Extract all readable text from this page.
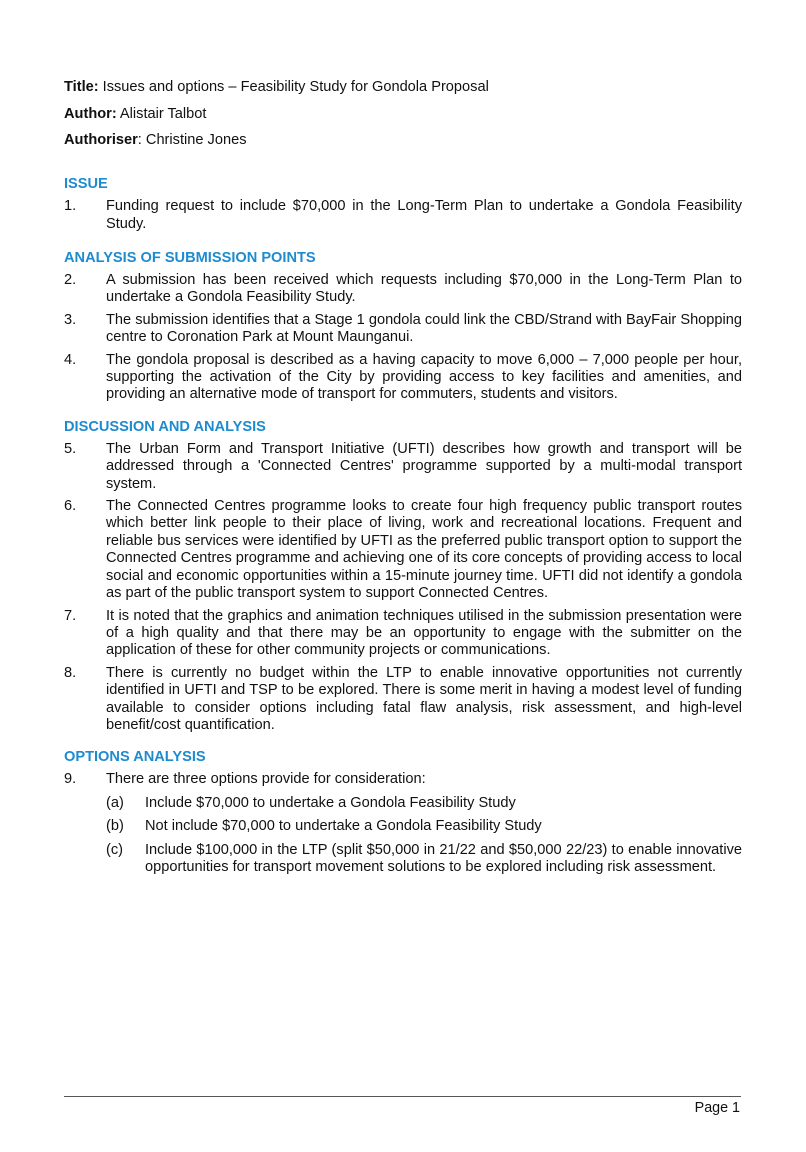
Title: Issues and options – Feasibility Study for Gondola Proposal

Author: Alistair Talbot

Authoriser: Christine Jones

ISSUE
1.	Funding request to include $70,000 in the Long-Term Plan to undertake a Gondola Feasibility Study.
ANALYSIS OF SUBMISSION POINTS
2.	A submission has been received which requests including $70,000 in the Long-Term Plan to undertake a Gondola Feasibility Study.
3.	The submission identifies that a Stage 1 gondola could link the CBD/Strand with BayFair Shopping centre to Coronation Park at Mount Maunganui.
4.	The gondola proposal is described as a having capacity to move 6,000 – 7,000 people per hour, supporting the activation of the City by providing access to key facilities and amenities, and providing an alternative mode of transport for commuters, students and visitors.
DISCUSSION AND ANALYSIS
5.	The Urban Form and Transport Initiative (UFTI) describes how growth and transport will be addressed through a 'Connected Centres' programme supported by a multi-modal transport system.
6.	The Connected Centres programme looks to create four high frequency public transport routes which better link people to their place of living, work and recreational locations. Frequent and reliable bus services were identified by UFTI as the preferred public transport option to support the Connected Centres programme and achieving one of its core concepts of providing access to local social and economic opportunities within a 15-minute journey time. UFTI did not identify a gondola as part of the public transport system to support Connected Centres.
7.	It is noted that the graphics and animation techniques utilised in the submission presentation were of a high quality and that there may be an opportunity to engage with the submitter on the application of these for other community projects or communications.
8.	There is currently no budget within the LTP to enable innovative opportunities not currently identified in UFTI and TSP to be explored. There is some merit in having a modest level of funding available to consider options including fatal flaw analysis, risk assessment, and high-level benefit/cost quantification.
OPTIONS ANALYSIS
9.	There are three options provide for consideration:
(a)	Include $70,000 to undertake a Gondola Feasibility Study
(b)	Not include $70,000 to undertake a Gondola Feasibility Study
(c)	Include $100,000 in the LTP (split $50,000 in 21/22 and $50,000 22/23) to enable innovative opportunities for transport movement solutions to be explored including risk assessment.
Page 1
